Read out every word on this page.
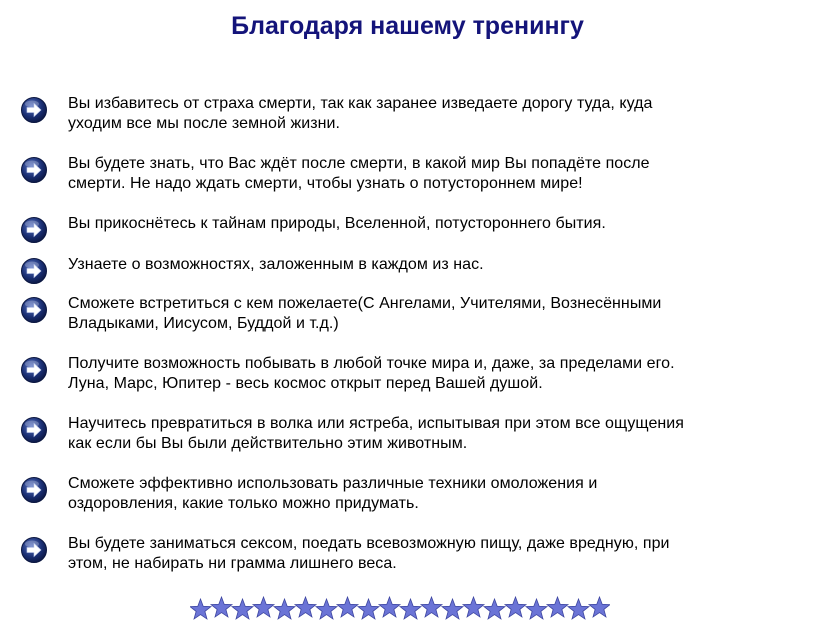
Благодаря нашему тренингу
Вы избавитесь от страха смерти, так как заранее изведаете дорогу туда, куда
уходим все мы после земной жизни.
Вы будете знать, что Вас ждёт после смерти, в какой мир Вы попадёте после
смерти. Не надо ждать смерти, чтобы узнать о потустороннем мире!
Вы прикоснётесь к тайнам природы, Вселенной, потустороннего бытия.
Узнаете о возможностях, заложенным в каждом из нас.
Сможете встретиться с кем пожелаете(С Ангелами, Учителями, Вознесёнными
Владыками, Иисусом, Буддой и т.д.)
Получите возможность побывать в любой точке мира и, даже, за пределами его.
Луна, Марс, Юпитер - весь космос открыт перед Вашей душой.
Научитесь превратиться в волка или ястреба, испытывая при этом все ощущения
как если бы Вы были действительно этим животным.
Сможете эффективно использовать различные техники омоложения и
оздоровления, какие только можно придумать.
Вы будете заниматься сексом, поедать всевозможную пищу, даже вредную, при
этом, не набирать ни грамма лишнего веса.
